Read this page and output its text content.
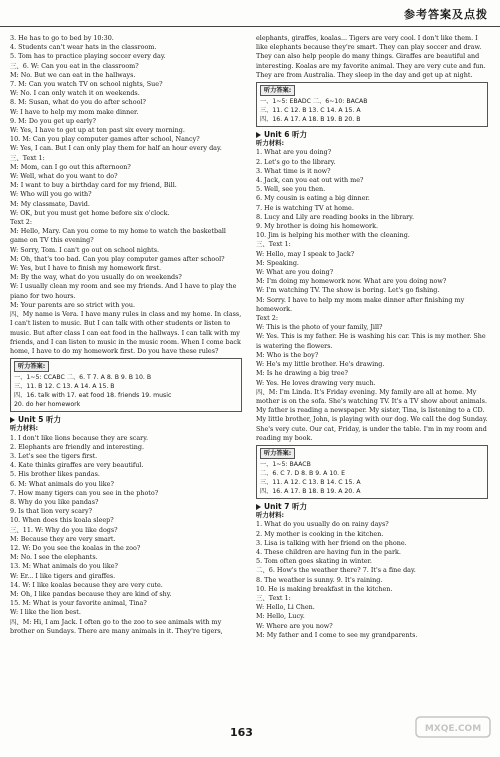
参考答案及点拨
3. He has to go to bed by 10:30.
4. Students can't wear hats in the classroom.
5. Tom has to practice playing soccer every day.
三、6. W: Can you eat in the classroom?
M: No. But we can eat in the hallways.
7. M: Can you watch TV on school nights, Sue?
W: No. I can only watch it on weekends.
8. M: Susan, what do you do after school?
W: I have to help my mom make dinner.
9. M: Do you get up early?
W: Yes, I have to get up at ten past six every morning.
10. M: Can you play computer games after school, Nancy?
W: Yes, I can. But I can only play them for half an hour every day.
三、Text 1:
M: Mom, can I go out this afternoon?
W: Well, what do you want to do?
M: I want to buy a birthday card for my friend, Bill.
W: Who will you go with?
M: My classmate, David.
W: OK, but you must get home before six o'clock.
Text 2:
M: Hello, Mary. Can you come to my home to watch the basketball game on TV this evening?
W: Sorry, Tom. I can't go out on school nights.
M: Oh, that's too bad. Can you play computer games after school?
W: Yes, but I have to finish my homework first.
M: By the way, what do you usually do on weekends?
W: I usually clean my room and see my friends. And I have to play the piano for two hours.
M: Your parents are so strict with you.
四、My name is Vera. I have many rules in class and my home. In class, I can't listen to music. But I can talk with other students or listen to music. But after class I can eat food in the hallways. I can talk with my friends, and I can listen to music in the music room. When I come back home, I have to do my homework first. Do you have these rules?
听力答案:
一、1~5: CCABC 二、6. T 7. A 8. B 9. B 10. B
三、11. B 12. C 13. A 14. A 15. B
四、16. talk with 17. eat food 18. friends 19. music
20. do her homework
Unit 5 听力
听力材料:
1. I don't like lions because they are scary.
2. Elephants are friendly and interesting.
3. Let's see the tigers first.
4. Kate thinks giraffes are very beautiful.
5. His brother likes pandas.
6. M: What animals do you like?
7. How many tigers can you see in the photo?
8. Why do you like pandas?
9. Is that lion very scary?
10. When does this koala sleep?
三、11. W: Why do you like dogs?
M: Because they are very smart.
12. W: Do you see the koalas in the zoo?
M: No. I see the elephants.
13. M: What animals do you like?
W: Er... I like tigers and giraffes.
14. W: I like koalas because they are very cute.
M: Oh, I like pandas because they are kind of shy.
15. M: What is your favorite animal, Tina?
W: I like the lion best.
四、M: Hi, I am Jack. I often go to the zoo to see animals with my brother on Sundays. There are many animals in it. They're tigers,
elephants, giraffes, koalas... Tigers are very cool. I don't like them. I like elephants because they're smart. They can play soccer and draw. They can also help people do many things. Giraffes are beautiful and interesting. Koalas are my favorite animal. They are very cute and fun. They are from Australia. They sleep in the day and get up at night.
听力答案:
一、1~5: EBADC 二、6~10: BACAB
三、11. C 12. B 13. C 14. A 15. A
四、16. A 17. A 18. B 19. B 20. B
Unit 6 听力
听力材料:
1. What are you doing?
2. Let's go to the library.
3. What time is it now?
4. Jack, can you eat out with me?
5. Well, see you then.
6. My cousin is eating a big dinner.
7. He is watching TV at home.
8. Lucy and Lily are reading books in the library.
9. My brother is doing his homework.
10. Jim is helping his mother with the cleaning.
三、Text 1:
W: Hello, may I speak to Jack?
M: Speaking.
W: What are you doing?
M: I'm doing my homework now. What are you doing now?
W: I'm watching TV. The show is boring. Let's go fishing.
M: Sorry. I have to help my mom make dinner after finishing my homework.
Text 2:
W: This is the photo of your family, Jill?
W: Yes. This is my father. He is washing his car. This is my mother. She is watering the flowers.
M: Who is the boy?
W: He's my little brother. He's drawing.
M: Is he drawing a big tree?
W: Yes. He loves drawing very much.
四、M: I'm Linda. It's Friday evening. My family are all at home. My mother is on the sofa. She's watching TV. It's a TV show about animals. My father is reading a newspaper. My sister, Tina, is listening to a CD. My little brother, John, is playing with our dog. We call the dog Sunday. She's very cute. Our cat, Friday, is under the table. I'm in my room and reading my book.
听力答案:
一、1~5: BAACB
二、6. C 7. D 8. B 9. A 10. E
三、11. A 12. C 13. B 14. C 15. A
四、16. A 17. B 18. B 19. A 20. A
Unit 7 听力
听力材料:
1. What do you usually do on rainy days?
2. My mother is cooking in the kitchen.
3. Lisa is talking with her friend on the phone.
4. These children are having fun in the park.
5. Tom often goes skating in winter.
二、6. How's the weather there? 7. It's a fine day.
8. The weather is sunny. 9. It's raining.
10. He is making breakfast in the kitchen.
三、Text 1:
W: Hello, Li Chen.
M: Hello, Lucy.
W: Where are you now?
M: My father and I come to see my grandparents.
163	MXQE.COM
